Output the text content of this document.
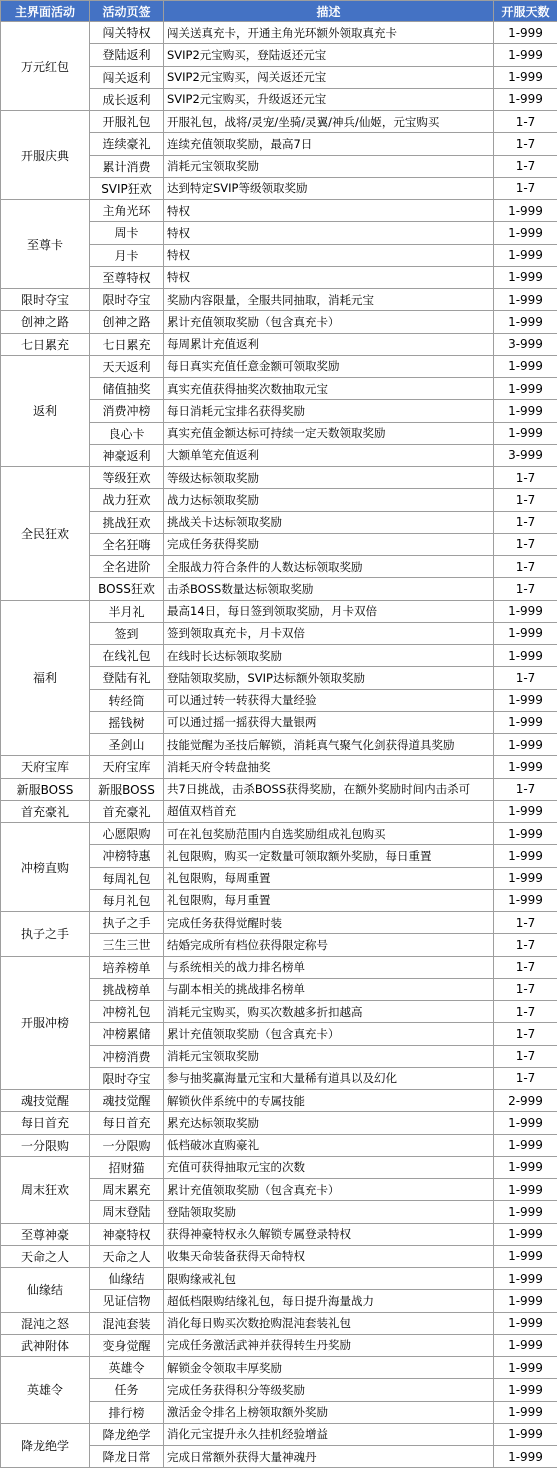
主界面活动	活动页签	描述	开服天数
万元红包	闯关特权	闯关送真充卡，开通主角光环额外领取真充卡	1-999
	登陆返利	SVIP2元宝购买，登陆返还元宝	1-999
	闯关返利	SVIP2元宝购买，闯关返还元宝	1-999
	成长返利	SVIP2元宝购买，升级返还元宝	1-999
开服庆典	开服礼包	开服礼包，战将/灵宠/坐骑/灵翼/神兵/仙姬，元宝购买	1-7
	连续豪礼	连续充值领取奖励，最高7日	1-7
	累计消费	消耗元宝领取奖励	1-7
	SVIP狂欢	达到特定SVIP等级领取奖励	1-7
至尊卡	主角光环	特权	1-999
	周卡	特权	1-999
	月卡	特权	1-999
	至尊特权	特权	1-999
限时夺宝	限时夺宝	奖励内容限量，全服共同抽取，消耗元宝	1-999
创神之路	创神之路	累计充值领取奖励（包含真充卡）	1-999
七日累充	七日累充	每周累计充值返利	3-999
返利	天天返利	每日真实充值任意金额可领取奖励	1-999
	储值抽奖	真实充值获得抽奖次数抽取元宝	1-999
	消费冲榜	每日消耗元宝排名获得奖励	1-999
	良心卡	真实充值金额达标可持续一定天数领取奖励	1-999
	神豪返利	大额单笔充值返利	3-999
全民狂欢	等级狂欢	等级达标领取奖励	1-7
	战力狂欢	战力达标领取奖励	1-7
	挑战狂欢	挑战关卡达标领取奖励	1-7
	全名狂嗨	完成任务获得奖励	1-7
	全名进阶	全服战力符合条件的人数达标领取奖励	1-7
	BOSS狂欢	击杀BOSS数量达标领取奖励	1-7
福利	半月礼	最高14日，每日签到领取奖励，月卡双倍	1-999
	签到	签到领取真充卡，月卡双倍	1-999
	在线礼包	在线时长达标领取奖励	1-999
	登陆有礼	登陆领取奖励，SVIP达标额外领取奖励	1-7
	转经筒	可以通过转一转获得大量经验	1-999
	摇钱树	可以通过摇一摇获得大量银两	1-999
	圣剑山	技能觉醒为圣技后解锁，消耗真气聚气化剑获得道具奖励	1-999
天府宝库	天府宝库	消耗天府令转盘抽奖	1-999
新服BOSS	新服BOSS	共7日挑战，击杀BOSS获得奖励，在额外奖励时间内击杀可	1-7
首充豪礼	首充豪礼	超值双档首充	1-999
冲榜直购	心愿限购	可在礼包奖励范围内自选奖励组成礼包购买	1-999
	冲榜特惠	礼包限购，购买一定数量可领取额外奖励，每日重置	1-999
	每周礼包	礼包限购，每周重置	1-999
	每月礼包	礼包限购，每月重置	1-999
执子之手	执子之手	完成任务获得觉醒时装	1-7
	三生三世	结婚完成所有档位获得限定称号	1-7
开服冲榜	培养榜单	与系统相关的战力排名榜单	1-7
	挑战榜单	与副本相关的挑战排名榜单	1-7
	冲榜礼包	消耗元宝购买，购买次数越多折扣越高	1-7
	冲榜累储	累计充值领取奖励（包含真充卡）	1-7
	冲榜消费	消耗元宝领取奖励	1-7
	限时夺宝	参与抽奖赢海量元宝和大量稀有道具以及幻化	1-7
魂技觉醒	魂技觉醒	解锁伙伴系统中的专属技能	2-999
每日首充	每日首充	累充达标领取奖励	1-999
一分限购	一分限购	低档破冰直购豪礼	1-999
周末狂欢	招财猫	充值可获得抽取元宝的次数	1-999
	周末累充	累计充值领取奖励（包含真充卡）	1-999
	周末登陆	登陆领取奖励	1-999
至尊神豪	神豪特权	获得神豪特权永久解锁专属登录特权	1-999
天命之人	天命之人	收集天命装备获得天命特权	1-999
仙缘结	仙缘结	限购缘戒礼包	1-999
	见证信物	超低档限购结缘礼包，每日提升海量战力	1-999
混沌之怒	混沌套装	消化每日购买次数抢购混沌套装礼包	1-999
武神附体	变身觉醒	完成任务激活武神并获得转生丹奖励	1-999
英雄令	英雄令	解锁金令领取丰厚奖励	1-999
	任务	完成任务获得积分等级奖励	1-999
	排行榜	激活金令排名上榜领取额外奖励	1-999
降龙绝学	降龙绝学	消化元宝提升永久挂机经验增益	1-999
	降龙日常	完成日常额外获得大量神魂丹	1-999
